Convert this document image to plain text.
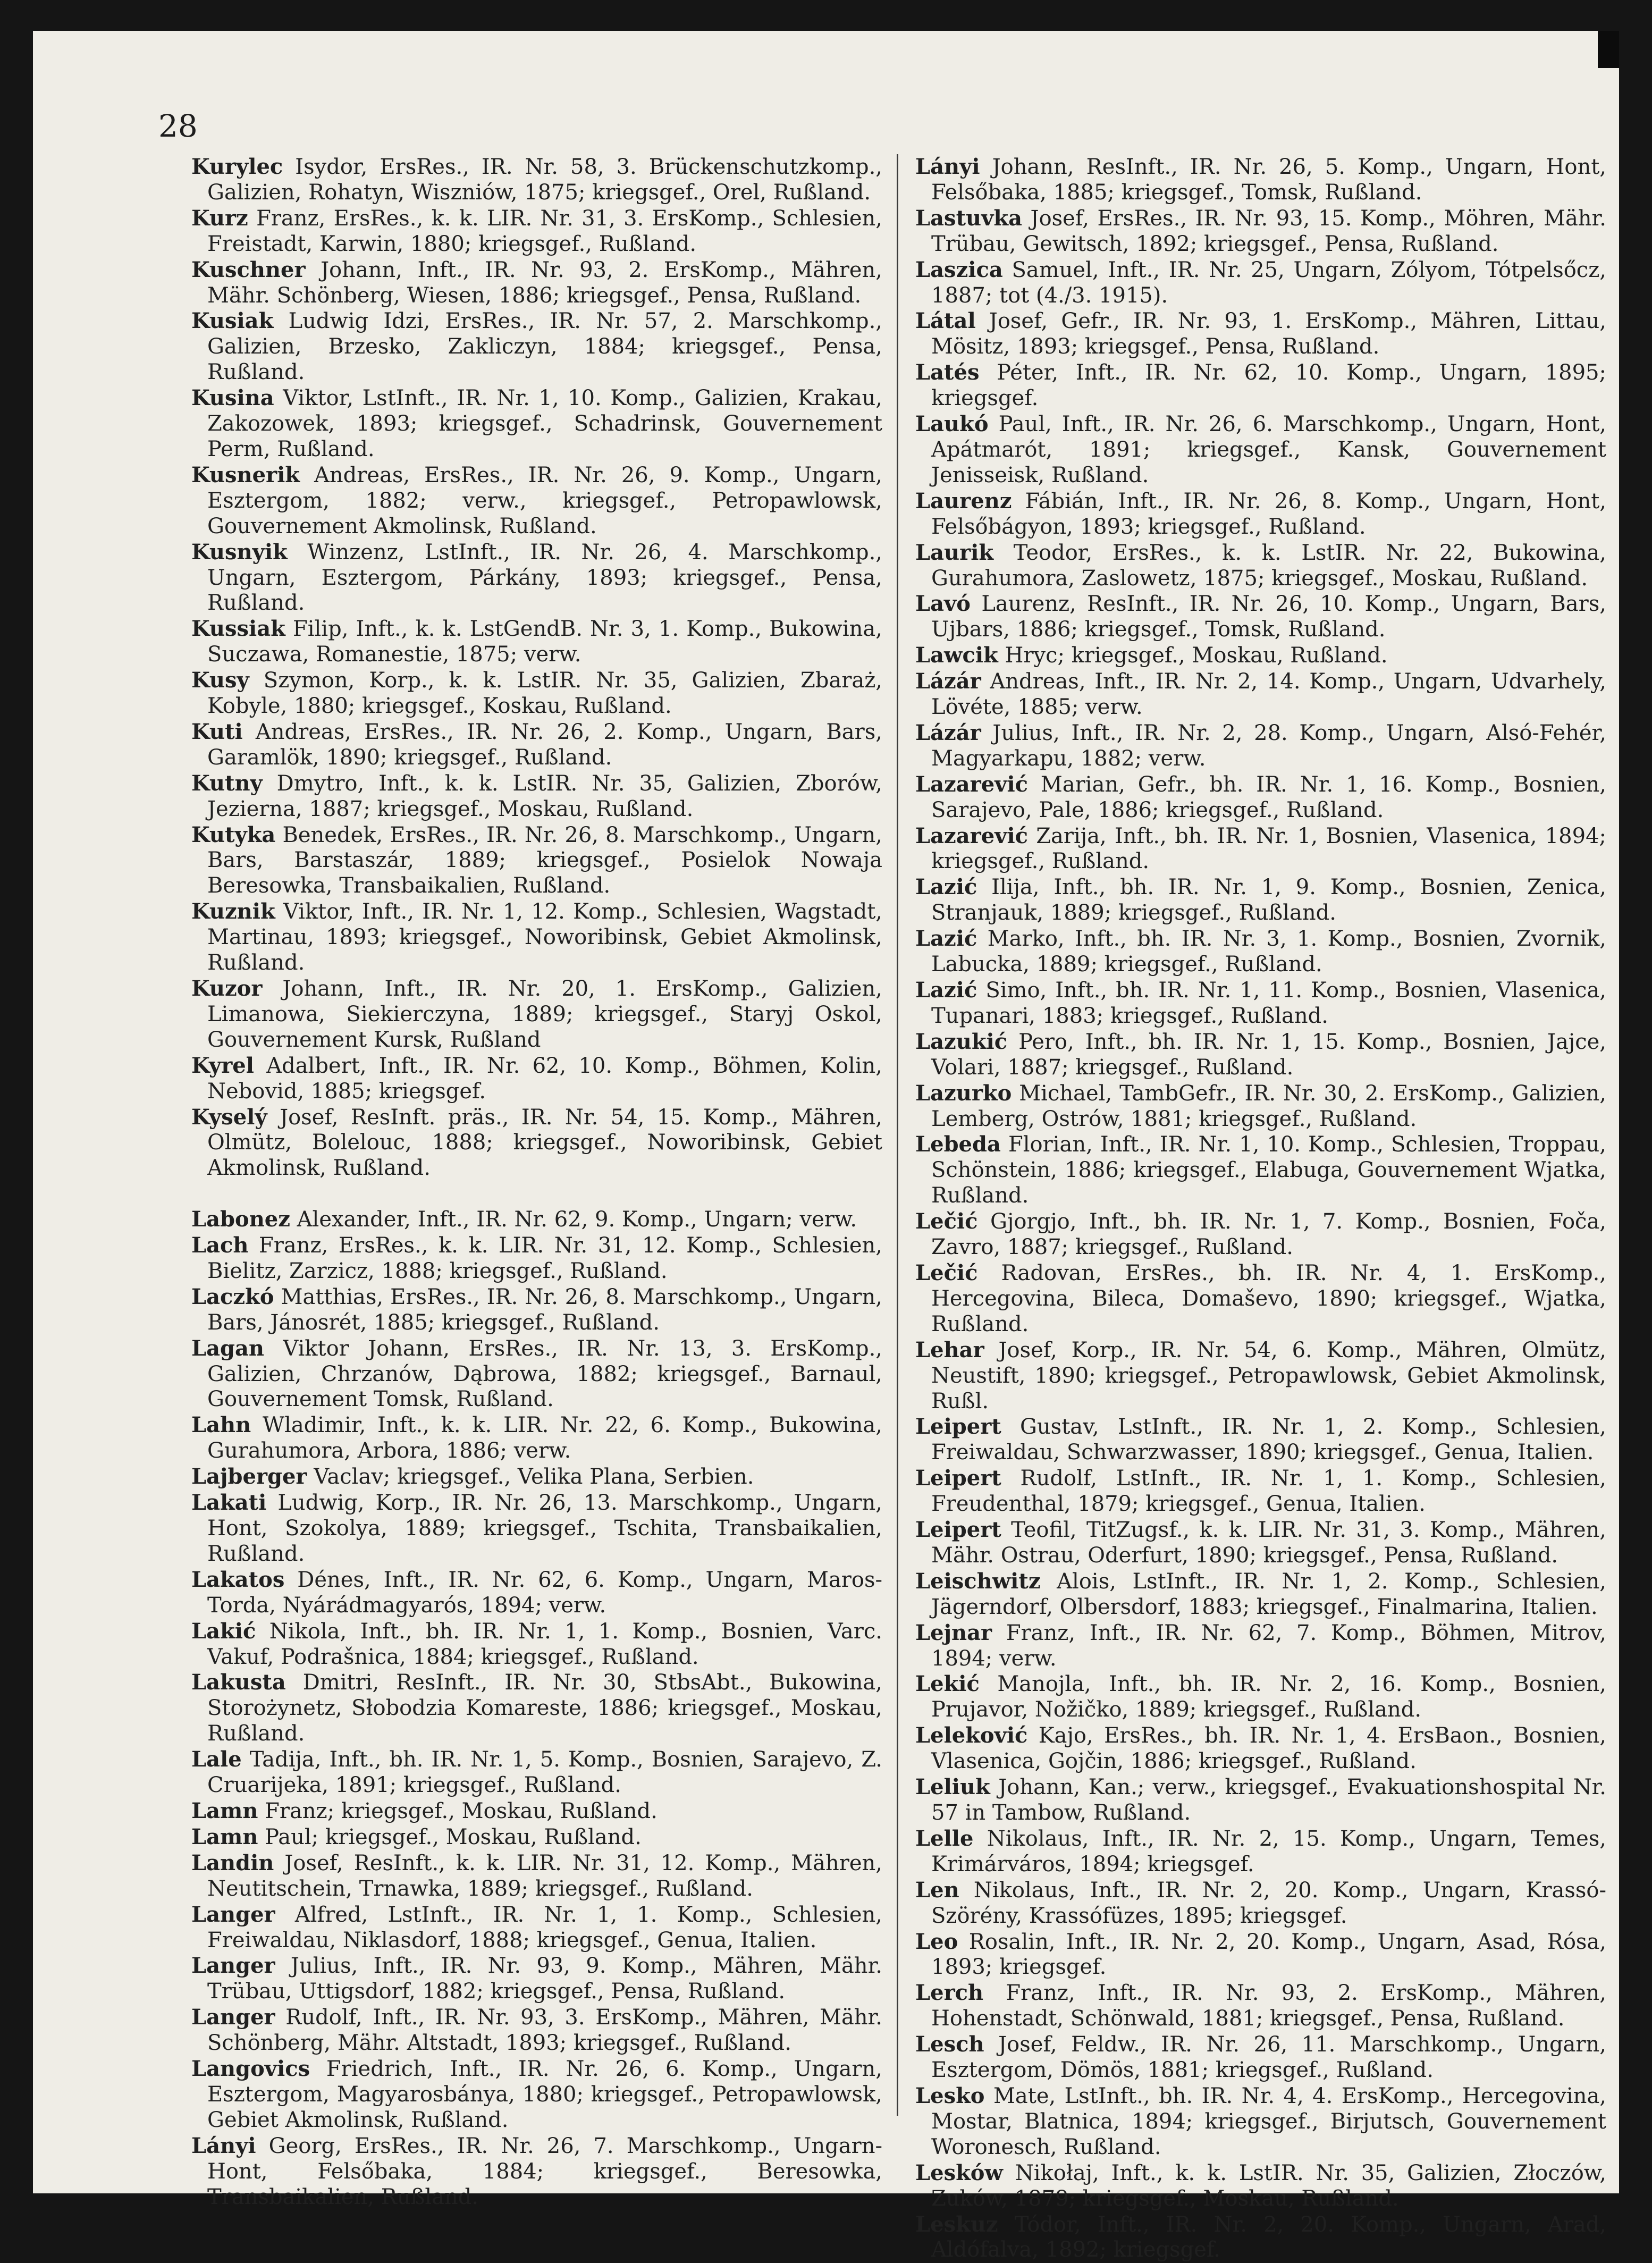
28

Kurylec Isydor, ErsRes., IR. Nr. 58, 3. Brückenschutzkomp., Galizien, Rohatyn, Wiszniów, 1875; kriegsgef., Orel, Rußland.

Kurz Franz, ErsRes., k. k. LIR. Nr. 31, 3. ErsKomp., Schlesien, Freistadt, Karwin, 1880; kriegsgef., Rußland.

Kuschner Johann, Inft., IR. Nr. 93, 2. ErsKomp., Mähren, Mähr. Schönberg, Wiesen, 1886; kriegsgef., Pensa, Rußland.

Kusiak Ludwig Idzi, ErsRes., IR. Nr. 57, 2. Marschkomp., Galizien, Brzesko, Zakliczyn, 1884; kriegsgef., Pensa, Rußland.

Kusina Viktor, LstInft., IR. Nr. 1, 10. Komp., Galizien, Krakau, Zakozowek, 1893; kriegsgef., Schadrinsk, Gouvernement Perm, Rußland.

Kusnerik Andreas, ErsRes., IR. Nr. 26, 9. Komp., Ungarn, Esztergom, 1882; verw., kriegsgef., Petropawlowsk, Gouvernement Akmolinsk, Rußland.

Kusnyik Winzenz, LstInft., IR. Nr. 26, 4. Marschkomp., Ungarn, Esztergom, Párkány, 1893; kriegsgef., Pensa, Rußland.

Kussiak Filip, Inft., k. k. LstGendB. Nr. 3, 1. Komp., Bukowina, Suczawa, Romanestie, 1875; verw.

Kusy Szymon, Korp., k. k. LstIR. Nr. 35, Galizien, Zbaraż, Kobyle, 1880; kriegsgef., Koskau, Rußland.

Kuti Andreas, ErsRes., IR. Nr. 26, 2. Komp., Ungarn, Bars, Garamlök, 1890; kriegsgef., Rußland.

Kutny Dmytro, Inft., k. k. LstIR. Nr. 35, Galizien, Zborów, Jezierna, 1887; kriegsgef., Moskau, Rußland.

Kutyka Benedek, ErsRes., IR. Nr. 26, 8. Marschkomp., Ungarn, Bars, Barstaszár, 1889; kriegsgef., Posielok Nowaja Beresowka, Transbaikalien, Rußland.

Kuznik Viktor, Inft., IR. Nr. 1, 12. Komp., Schlesien, Wagstadt, Martinau, 1893; kriegsgef., Noworibinsk, Gebiet Akmolinsk, Rußland.

Kuzor Johann, Inft., IR. Nr. 20, 1. ErsKomp., Galizien, Limanowa, Siekierczyna, 1889; kriegsgef., Staryj Oskol, Gouvernement Kursk, Rußland

Kyrel Adalbert, Inft., IR. Nr. 62, 10. Komp., Böhmen, Kolin, Nebovid, 1885; kriegsgef.

Kyselý Josef, ResInft. präs., IR. Nr. 54, 15. Komp., Mähren, Olmütz, Bolelouc, 1888; kriegsgef., Noworibinsk, Gebiet Akmolinsk, Rußland.

Labonez Alexander, Inft., IR. Nr. 62, 9. Komp., Ungarn; verw.

Lach Franz, ErsRes., k. k. LIR. Nr. 31, 12. Komp., Schlesien, Bielitz, Zarzicz, 1888; kriegsgef., Rußland.

Laczkó Matthias, ErsRes., IR. Nr. 26, 8. Marschkomp., Ungarn, Bars, Jánosrét, 1885; kriegsgef., Rußland.

Lagan Viktor Johann, ErsRes., IR. Nr. 13, 3. ErsKomp., Galizien, Chrzanów, Dąbrowa, 1882; kriegsgef., Barnaul, Gouvernement Tomsk, Rußland.

Lahn Wladimir, Inft., k. k. LIR. Nr. 22, 6. Komp., Bukowina, Gurahumora, Arbora, 1886; verw.

Lajberger Vaclav; kriegsgef., Velika Plana, Serbien.

Lakati Ludwig, Korp., IR. Nr. 26, 13. Marschkomp., Ungarn, Hont, Szokolya, 1889; kriegsgef., Tschita, Transbaikalien, Rußland.

Lakatos Dénes, Inft., IR. Nr. 62, 6. Komp., Ungarn, Maros-Torda, Nyárádmagyarós, 1894; verw.

Lakić Nikola, Inft., bh. IR. Nr. 1, 1. Komp., Bosnien, Varc. Vakuf, Podrašnica, 1884; kriegsgef., Rußland.

Lakusta Dmitri, ResInft., IR. Nr. 30, StbsAbt., Bukowina, Storożynetz, Słobodzia Komareste, 1886; kriegsgef., Moskau, Rußland.

Lale Tadija, Inft., bh. IR. Nr. 1, 5. Komp., Bosnien, Sarajevo, Z. Cruarijeka, 1891; kriegsgef., Rußland.

Lamn Franz; kriegsgef., Moskau, Rußland.

Lamn Paul; kriegsgef., Moskau, Rußland.

Landin Josef, ResInft., k. k. LIR. Nr. 31, 12. Komp., Mähren, Neutitschein, Trnawka, 1889; kriegsgef., Rußland.

Langer Alfred, LstInft., IR. Nr. 1, 1. Komp., Schlesien, Freiwaldau, Niklasdorf, 1888; kriegsgef., Genua, Italien.

Langer Julius, Inft., IR. Nr. 93, 9. Komp., Mähren, Mähr. Trübau, Uttigsdorf, 1882; kriegsgef., Pensa, Rußland.

Langer Rudolf, Inft., IR. Nr. 93, 3. ErsKomp., Mähren, Mähr. Schönberg, Mähr. Altstadt, 1893; kriegsgef., Rußland.

Langovics Friedrich, Inft., IR. Nr. 26, 6. Komp., Ungarn, Esztergom, Magyarosbánya, 1880; kriegsgef., Petropawlowsk, Gebiet Akmolinsk, Rußland.

Lányi Georg, ErsRes., IR. Nr. 26, 7. Marschkomp., Ungarn-Hont, Felsőbaka, 1884; kriegsgef., Beresowka, Transbaikalien, Rußland.

Lányi Johann, ResInft., IR. Nr. 26, 5. Komp., Ungarn, Hont, Felsőbaka, 1885; kriegsgef., Tomsk, Rußland.

Lastuvka Josef, ErsRes., IR. Nr. 93, 15. Komp., Möhren, Mähr. Trübau, Gewitsch, 1892; kriegsgef., Pensa, Rußland.

Laszica Samuel, Inft., IR. Nr. 25, Ungarn, Zólyom, Tótpelsőcz, 1887; tot (4./3. 1915).

Látal Josef, Gefr., IR. Nr. 93, 1. ErsKomp., Mähren, Littau, Mösitz, 1893; kriegsgef., Pensa, Rußland.

Latés Péter, Inft., IR. Nr. 62, 10. Komp., Ungarn, 1895; kriegsgef.

Laukó Paul, Inft., IR. Nr. 26, 6. Marschkomp., Ungarn, Hont, Apátmarót, 1891; kriegsgef., Kansk, Gouvernement Jenisseisk, Rußland.

Laurenz Fábián, Inft., IR. Nr. 26, 8. Komp., Ungarn, Hont, Felsőbágyon, 1893; kriegsgef., Rußland.

Laurik Teodor, ErsRes., k. k. LstIR. Nr. 22, Bukowina, Gurahumora, Zaslowetz, 1875; kriegsgef., Moskau, Rußland.

Lavó Laurenz, ResInft., IR. Nr. 26, 10. Komp., Ungarn, Bars, Ujbars, 1886; kriegsgef., Tomsk, Rußland.

Lawcik Hryc; kriegsgef., Moskau, Rußland.

Lázár Andreas, Inft., IR. Nr. 2, 14. Komp., Ungarn, Udvarhely, Lövéte, 1885; verw.

Lázár Julius, Inft., IR. Nr. 2, 28. Komp., Ungarn, Alsó-Fehér, Magyarkapu, 1882; verw.

Lazarević Marian, Gefr., bh. IR. Nr. 1, 16. Komp., Bosnien, Sarajevo, Pale, 1886; kriegsgef., Rußland.

Lazarević Zarija, Inft., bh. IR. Nr. 1, Bosnien, Vlasenica, 1894; kriegsgef., Rußland.

Lazić Ilija, Inft., bh. IR. Nr. 1, 9. Komp., Bosnien, Zenica, Stranjauk, 1889; kriegsgef., Rußland.

Lazić Marko, Inft., bh. IR. Nr. 3, 1. Komp., Bosnien, Zvornik, Labucka, 1889; kriegsgef., Rußland.

Lazić Simo, Inft., bh. IR. Nr. 1, 11. Komp., Bosnien, Vlasenica, Tupanari, 1883; kriegsgef., Rußland.

Lazukić Pero, Inft., bh. IR. Nr. 1, 15. Komp., Bosnien, Jajce, Volari, 1887; kriegsgef., Rußland.

Lazurko Michael, TambGefr., IR. Nr. 30, 2. ErsKomp., Galizien, Lemberg, Ostrów, 1881; kriegsgef., Rußland.

Lebeda Florian, Inft., IR. Nr. 1, 10. Komp., Schlesien, Troppau, Schönstein, 1886; kriegsgef., Elabuga, Gouvernement Wjatka, Rußland.

Lečić Gjorgjo, Inft., bh. IR. Nr. 1, 7. Komp., Bosnien, Foča, Zavro, 1887; kriegsgef., Rußland.

Lečić Radovan, ErsRes., bh. IR. Nr. 4, 1. ErsKomp., Hercegovina, Bileca, Domaševo, 1890; kriegsgef., Wjatka, Rußland.

Lehar Josef, Korp., IR. Nr. 54, 6. Komp., Mähren, Olmütz, Neustift, 1890; kriegsgef., Petropawlowsk, Gebiet Akmolinsk, Rußl.

Leipert Gustav, LstInft., IR. Nr. 1, 2. Komp., Schlesien, Freiwaldau, Schwarzwasser, 1890; kriegsgef., Genua, Italien.

Leipert Rudolf, LstInft., IR. Nr. 1, 1. Komp., Schlesien, Freudenthal, 1879; kriegsgef., Genua, Italien.

Leipert Teofil, TitZugsf., k. k. LIR. Nr. 31, 3. Komp., Mähren, Mähr. Ostrau, Oderfurt, 1890; kriegsgef., Pensa, Rußland.

Leischwitz Alois, LstInft., IR. Nr. 1, 2. Komp., Schlesien, Jägerndorf, Olbersdorf, 1883; kriegsgef., Finalmarina, Italien.

Lejnar Franz, Inft., IR. Nr. 62, 7. Komp., Böhmen, Mitrov, 1894; verw.

Lekić Manojla, Inft., bh. IR. Nr. 2, 16. Komp., Bosnien, Prujavor, Nožičko, 1889; kriegsgef., Rußland.

Leleković Kajo, ErsRes., bh. IR. Nr. 1, 4. ErsBaon., Bosnien, Vlasenica, Gojčin, 1886; kriegsgef., Rußland.

Leliuk Johann, Kan.; verw., kriegsgef., Evakuationshospital Nr. 57 in Tambow, Rußland.

Lelle Nikolaus, Inft., IR. Nr. 2, 15. Komp., Ungarn, Temes, Krimárváros, 1894; kriegsgef.

Len Nikolaus, Inft., IR. Nr. 2, 20. Komp., Ungarn, Krassó-Szörény, Krassófüzes, 1895; kriegsgef.

Leo Rosalin, Inft., IR. Nr. 2, 20. Komp., Ungarn, Asad, Rósa, 1893; kriegsgef.

Lerch Franz, Inft., IR. Nr. 93, 2. ErsKomp., Mähren, Hohenstadt, Schönwald, 1881; kriegsgef., Pensa, Rußland.

Lesch Josef, Feldw., IR. Nr. 26, 11. Marschkomp., Ungarn, Esztergom, Dömös, 1881; kriegsgef., Rußland.

Lesko Mate, LstInft., bh. IR. Nr. 4, 4. ErsKomp., Hercegovina, Mostar, Blatnica, 1894; kriegsgef., Birjutsch, Gouvernement Woronesch, Rußland.

Lesków Nikołaj, Inft., k. k. LstIR. Nr. 35, Galizien, Złoczów, Zuków, 1879; kriegsgef., Moskau, Rußland.

Leskuz Tódor, Inft., IR. Nr. 2, 20. Komp., Ungarn, Arad, Aldófalva, 1892; kriegsgef.
